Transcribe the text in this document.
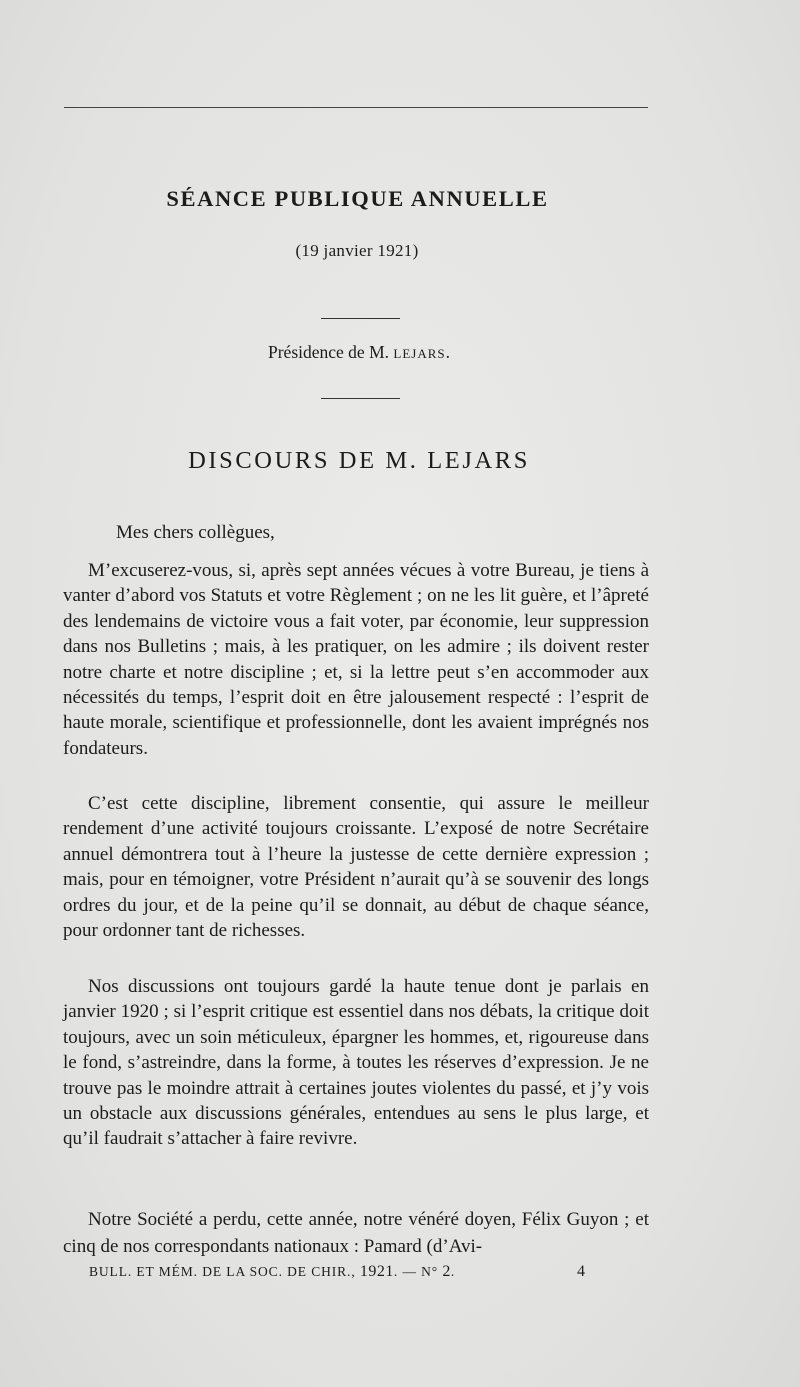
SÉANCE PUBLIQUE ANNUELLE
(19 janvier 1921)
Présidence de M. LEJARS.
DISCOURS DE M. LEJARS
Mes chers collègues,

M’excuserez-vous, si, après sept années vécues à votre Bureau, je tiens à vanter d’abord vos Statuts et votre Règlement ; on ne les lit guère, et l’âpreté des lendemains de victoire vous a fait voter, par économie, leur suppression dans nos Bulletins ; mais, à les pratiquer, on les admire ; ils doivent rester notre charte et notre discipline ; et, si la lettre peut s’en accommoder aux nécessités du temps, l’esprit doit en être jalousement respecté : l’esprit de haute morale, scientifique et professionnelle, dont les avaient imprégnés nos fondateurs.

C’est cette discipline, librement consentie, qui assure le meilleur rendement d’une activité toujours croissante. L’exposé de notre Secrétaire annuel démontrera tout à l’heure la justesse de cette dernière expression ; mais, pour en témoigner, votre Président n’aurait qu’à se souvenir des longs ordres du jour, et de la peine qu’il se donnait, au début de chaque séance, pour ordonner tant de richesses.

Nos discussions ont toujours gardé la haute tenue dont je parlais en janvier 1920 ; si l’esprit critique est essentiel dans nos débats, la critique doit toujours, avec un soin méticuleux, épargner les hommes, et, rigoureuse dans le fond, s’astreindre, dans la forme, à toutes les réserves d’expression. Je ne trouve pas le moindre attrait à certaines joutes violentes du passé, et j’y vois un obstacle aux discussions générales, entendues au sens le plus large, et qu’il faudrait s’attacher à faire revivre.

Notre Société a perdu, cette année, notre vénéré doyen, Félix Guyon ; et cinq de nos correspondants nationaux : Pamard (d’Avi-

BULL. ET MÉM. DE LA SOC. DE CHIR., 1921. — N° 2.	4
